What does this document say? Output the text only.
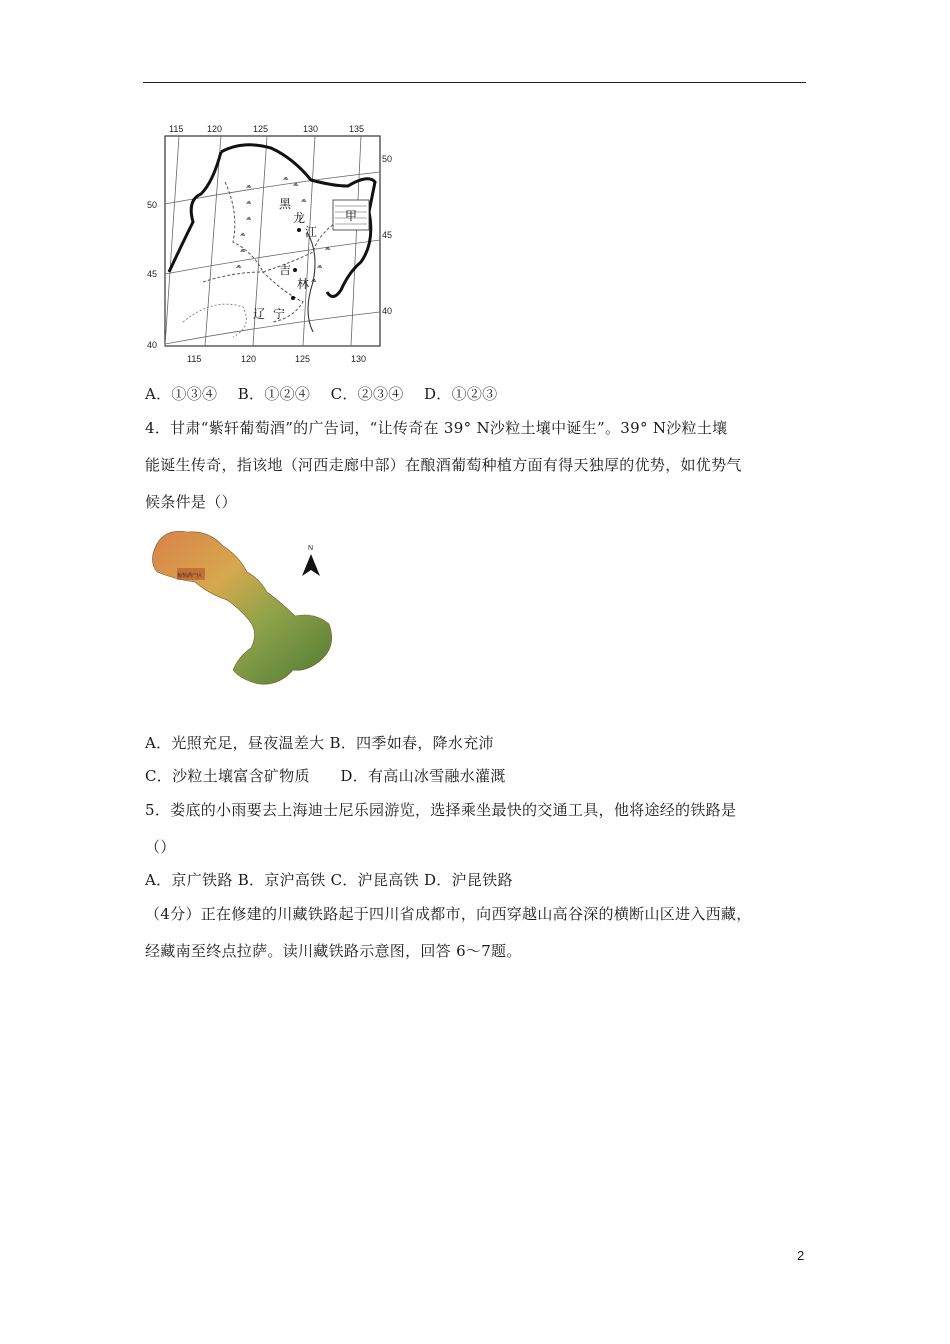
⩕
⩕
⩕
⩕
⩕
⩕
⩕
⩕
⩕
⩕
⩕
⩕
115	120	125	130	135
115	120	125	130
50
45
40
50
45
40
黑
龙
江
吉
林
辽 宁
甲
A．①③④　 B．①②④　 C．②③④　 D．①②③
4．甘肃“紫轩葡萄酒”的广告词，“让传奇在 39° N沙粒土壤中诞生”。39° N沙粒土壤
能诞生传奇，指该地（河西走廊中部）在酿酒葡萄种植方面有得天独厚的优势，如优势气
候条件是（）
葡萄酒产区
N
A．光照充足，昼夜温差大 B．四季如春，降水充沛
C．沙粒土壤富含矿物质　　D．有高山冰雪融水灌溉
5．娄底的小雨要去上海迪士尼乐园游览，选择乘坐最快的交通工具，他将途经的铁路是
（）
A．京广铁路 B．京沪高铁 C．沪昆高铁 D．沪昆铁路
（4分）正在修建的川藏铁路起于四川省成都市，向西穿越山高谷深的横断山区进入西藏，
经藏南至终点拉萨。读川藏铁路示意图，回答 6～7题。
2
